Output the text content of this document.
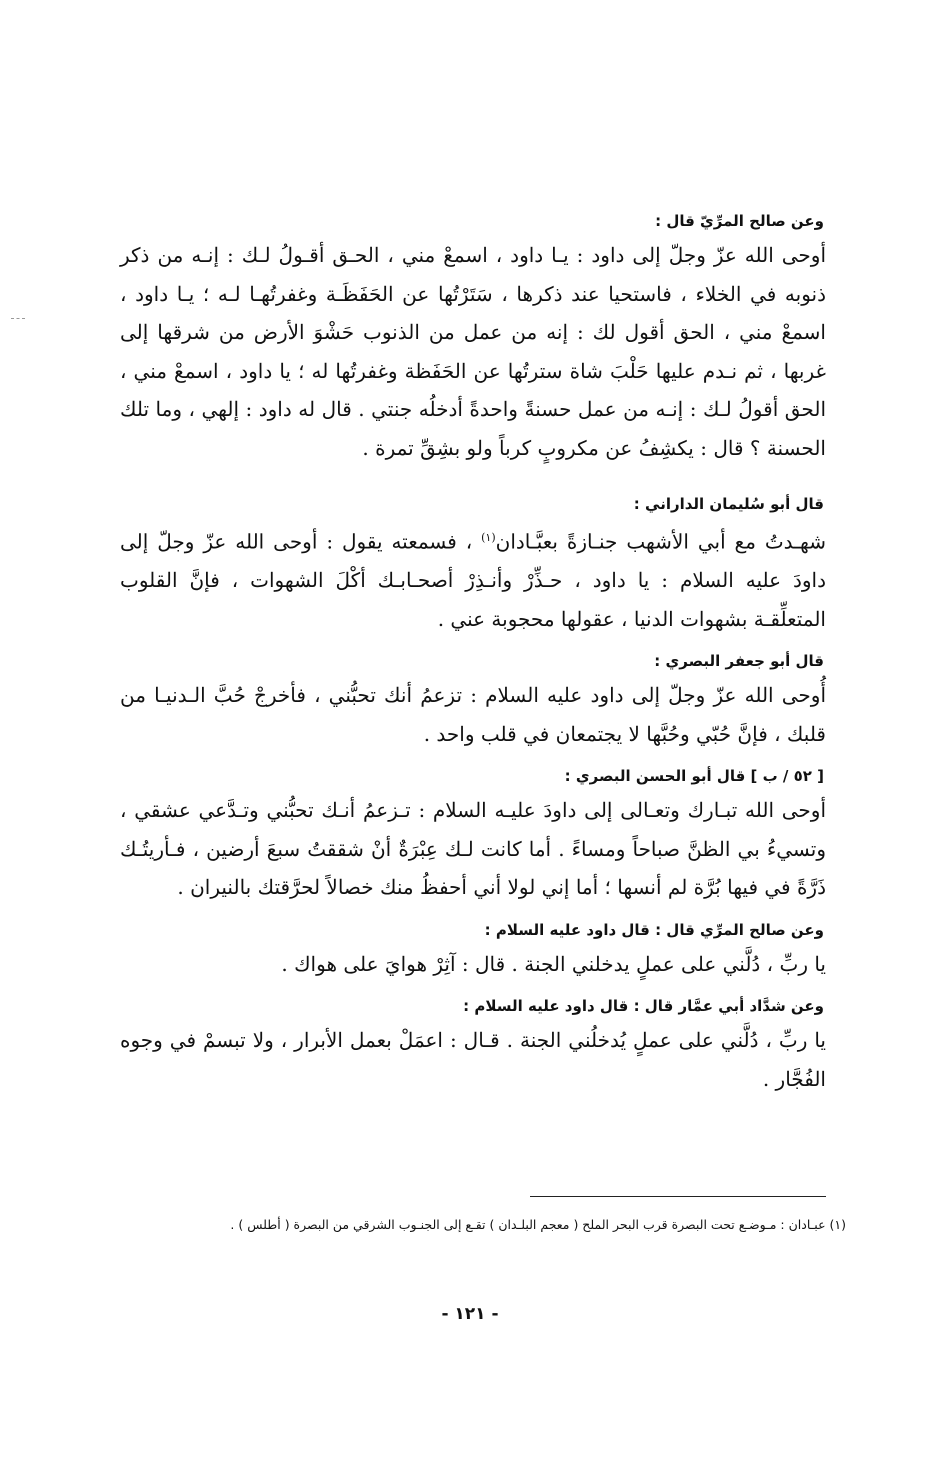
وعن صالح المرِّيّ قال :

أوحى الله عزّ وجلّ إلى داود : يـا داود ، اسمعْ مني ، الحـق أقـولُ لـك : إنـه من ذكر ذنوبه في الخلاء ، فاستحيا عند ذكرها ، سَتَرْتُها عن الحَفَظَـة وغفرتُهـا لـه ؛ يـا داود ، اسمعْ مني ، الحق أقول لك : إنه من عمل من الذنوب حَشْوَ الأرض من شرقها إلى غربها ، ثم نـدم عليها حَلْبَ شاة سترتُها عن الحَفَظة وغفرتُها له ؛ يا داود ، اسمعْ مني ، الحق أقولُ لـك : إنـه من عمل حسنةً واحدةً أدخلُه جنتي . قال له داود : إلهي ، وما تلك الحسنة ؟ قال : يكشِفُ عن مكروبٍ كرباً ولو بشِقِّ تمرة .

قال أبو سُليمان الداراني :

شهـدتُ مع أبي الأشهب جنـازةً بعبَّـادان$^{(١)}$ ، فسمعته يقول : أوحى الله عزّ وجلّ إلى داودَ عليه السلام : يا داود ، حـذِّرْ وأنـذِرْ أصحـابـك أكْلَ الشهوات ، فإنَّ القلوب المتعلِّقـة بشهوات الدنيا ، عقولها محجوبة عني .

قال أبو جعفر البصري :

أُوحى الله عزّ وجلّ إلى داود عليه السلام : تزعمُ أنك تحبُّني ، فأخرجْ حُبَّ الـدنيـا من قلبك ، فإنَّ حُبّي وحُبَّها لا يجتمعان في قلب واحد .

[ ٥٢ / ب ] قال أبو الحسن البصري :

أوحى الله تبـارك وتعـالى إلى داودَ عليـه السلام : تـزعمُ أنـك تحبُّني وتـدَّعي عشقي ، وتسيءُ بي الظنَّ صباحاً ومساءً . أما كانت لـك عِبْرَةٌ أنْ شققتُ سبعَ أرضين ، فـأريتُـك ذَرَّةً في فيها بُرَّة لم أنسها ؛ أما إني لولا أني أحفظُ منك خصالاً لحرَّقتك بالنيران .

وعن صالح المرِّي قال : قال داود عليه السلام :

يا ربِّ ، دُلَّني على عملٍ يدخلني الجنة . قال : آثِرْ هوايَ على هواك .

وعن شدَّاد أبي عمَّار قال : قال داود عليه السلام :

يا ربِّ ، دُلَّني على عملٍ يُدخلُني الجنة . قـال : اعمَلْ بعمل الأبرار ، ولا تبسمْ في وجوه الفُجَّار .

(١) عبـادان : مـوضـع تحت البصرة قرب البحر الملح ( معجم البلـدان ) تقـع إلى الجنـوب الشرقي من البصرة ( أطلس ) .

- ١٢١ -
